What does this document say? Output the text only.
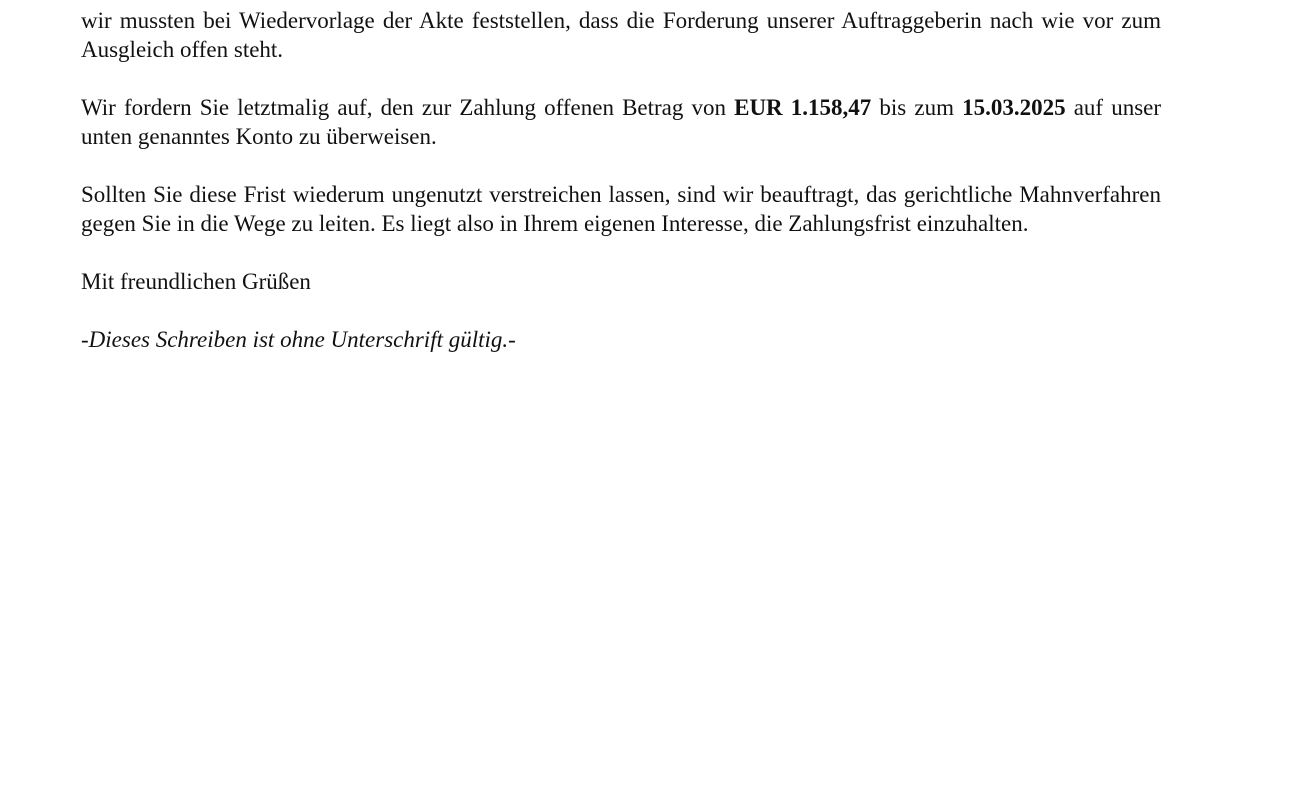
wir mussten bei Wiedervorlage der Akte feststellen, dass die Forderung unserer Auftraggeberin nach wie vor zum Ausgleich offen steht.

Wir fordern Sie letztmalig auf, den zur Zahlung offenen Betrag von EUR 1.158,47 bis zum 15.03.2025 auf unser unten genanntes Konto zu überweisen.

Sollten Sie diese Frist wiederum ungenutzt verstreichen lassen, sind wir beauftragt, das gerichtliche Mahnverfahren gegen Sie in die Wege zu leiten. Es liegt also in Ihrem eigenen Interesse, die Zahlungsfrist einzuhalten.

Mit freundlichen Grüßen

-Dieses Schreiben ist ohne Unterschrift gültig.-
